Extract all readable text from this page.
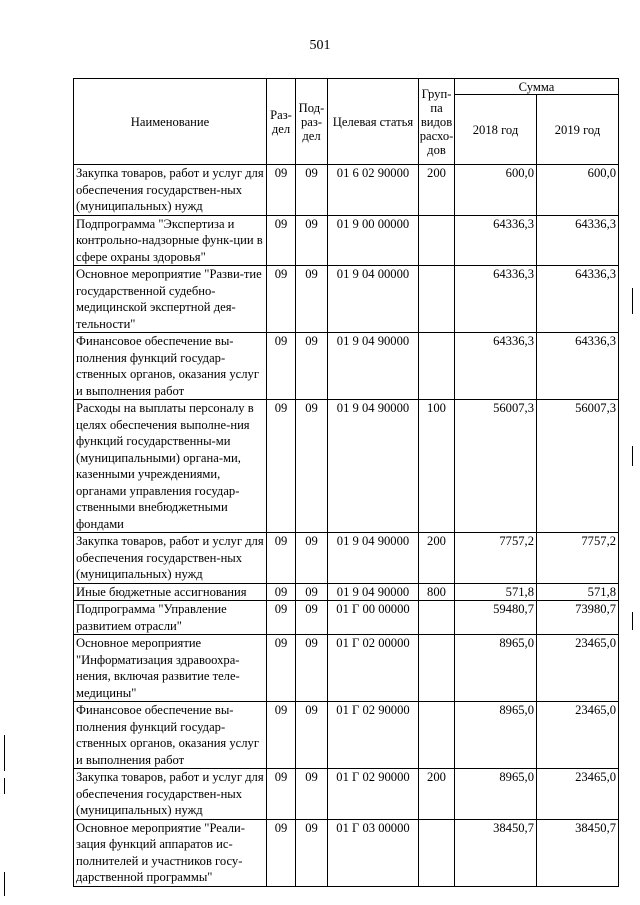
501
Наименование	Раз-дел	Под-раз-дел	Целевая статья	Груп-па видов расхо-дов	Сумма	
					2018 год	2019 год
Закупка товаров, работ и услуг для обеспечения государствен-ных (муниципальных) нужд	09	09	01 6 02 90000	200	600,0	600,0
Подпрограмма "Экспертиза и контрольно-надзорные функ-ции в сфере охраны здоровья"	09	09	01 9 00 00000		64336,3	64336,3
Основное мероприятие "Разви-тие государственной судебно-медицинской экспертной дея-тельности"	09	09	01 9 04 00000		64336,3	64336,3
Финансовое обеспечение вы-полнения функций государ-ственных органов, оказания услуг и выполнения работ	09	09	01 9 04 90000		64336,3	64336,3
Расходы на выплаты персоналу в целях обеспечения выполне-ния функций государственны-ми (муниципальными) органа-ми, казенными учреждениями, органами управления государ-ственными внебюджетными фондами	09	09	01 9 04 90000	100	56007,3	56007,3
Закупка товаров, работ и услуг для обеспечения государствен-ных (муниципальных) нужд	09	09	01 9 04 90000	200	7757,2	7757,2
Иные бюджетные ассигнования	09	09	01 9 04 90000	800	571,8	571,8
Подпрограмма "Управление развитием отрасли"	09	09	01 Г 00 00000		59480,7	73980,7
Основное мероприятие "Информатизация здравоохра-нения, включая развитие теле-медицины"	09	09	01 Г 02 00000		8965,0	23465,0
Финансовое обеспечение вы-полнения функций государ-ственных органов, оказания услуг и выполнения работ	09	09	01 Г 02 90000		8965,0	23465,0
Закупка товаров, работ и услуг для обеспечения государствен-ных (муниципальных) нужд	09	09	01 Г 02 90000	200	8965,0	23465,0
Основное мероприятие "Реали-зация функций аппаратов ис-полнителей и участников госу-дарственной программы"	09	09	01 Г 03 00000		38450,7	38450,7
